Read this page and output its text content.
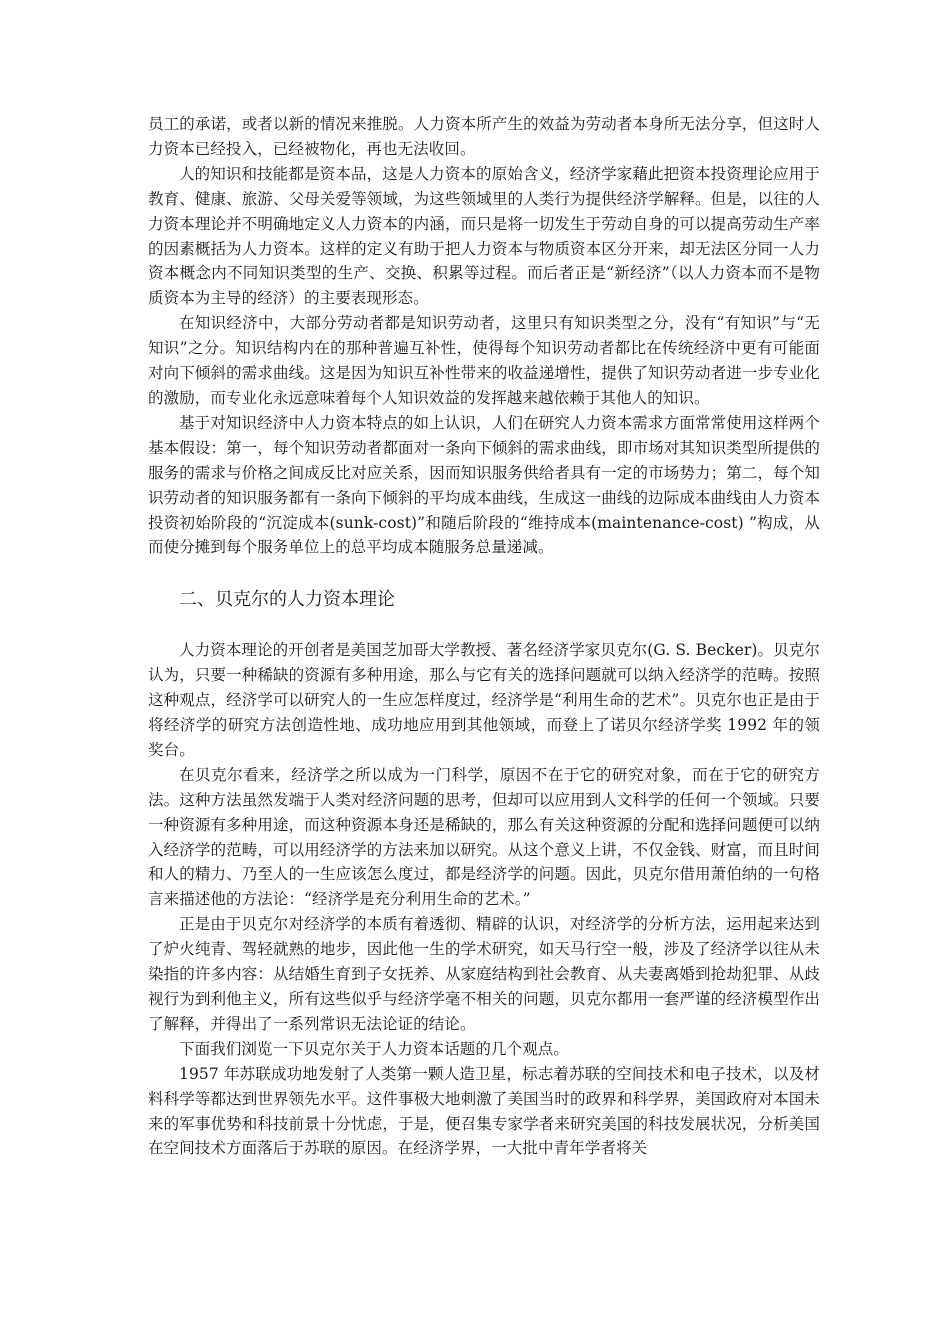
员工的承诺，或者以新的情况来推脱。人力资本所产生的效益为劳动者本身所无法分享，但这时人力资本已经投入，已经被物化，再也无法收回。

人的知识和技能都是资本品，这是人力资本的原始含义，经济学家藉此把资本投资理论应用于教育、健康、旅游、父母关爱等领域，为这些领域里的人类行为提供经济学解释。但是，以往的人力资本理论并不明确地定义人力资本的内涵，而只是将一切发生于劳动自身的可以提高劳动生产率的因素概括为人力资本。这样的定义有助于把人力资本与物质资本区分开来，却无法区分同一人力资本概念内不同知识类型的生产、交换、积累等过程。而后者正是“新经济”（以人力资本而不是物质资本为主导的经济）的主要表现形态。

在知识经济中，大部分劳动者都是知识劳动者，这里只有知识类型之分，没有“有知识”与“无知识”之分。知识结构内在的那种普遍互补性，使得每个知识劳动者都比在传统经济中更有可能面对向下倾斜的需求曲线。这是因为知识互补性带来的收益递增性，提供了知识劳动者进一步专业化的激励，而专业化永远意味着每个人知识效益的发挥越来越依赖于其他人的知识。

基于对知识经济中人力资本特点的如上认识，人们在研究人力资本需求方面常常使用这样两个基本假设：第一，每个知识劳动者都面对一条向下倾斜的需求曲线，即市场对其知识类型所提供的服务的需求与价格之间成反比对应关系，因而知识服务供给者具有一定的市场势力；第二，每个知识劳动者的知识服务都有一条向下倾斜的平均成本曲线，生成这一曲线的边际成本曲线由人力资本投资初始阶段的“沉淀成本(sunk-cost)”和随后阶段的“维持成本(maintenance-cost) ”构成，从而使分摊到每个服务单位上的总平均成本随服务总量递减。

二、贝克尔的人力资本理论

人力资本理论的开创者是美国芝加哥大学教授、著名经济学家贝克尔(G. S. Becker)。贝克尔认为，只要一种稀缺的资源有多种用途，那么与它有关的选择问题就可以纳入经济学的范畴。按照这种观点，经济学可以研究人的一生应怎样度过，经济学是“利用生命的艺术”。贝克尔也正是由于将经济学的研究方法创造性地、成功地应用到其他领域，而登上了诺贝尔经济学奖 1992 年的领奖台。

在贝克尔看来，经济学之所以成为一门科学，原因不在于它的研究对象，而在于它的研究方法。这种方法虽然发端于人类对经济问题的思考，但却可以应用到人文科学的任何一个领域。只要一种资源有多种用途，而这种资源本身还是稀缺的，那么有关这种资源的分配和选择问题便可以纳入经济学的范畴，可以用经济学的方法来加以研究。从这个意义上讲，不仅金钱、财富，而且时间和人的精力、乃至人的一生应该怎么度过，都是经济学的问题。因此，贝克尔借用萧伯纳的一句格言来描述他的方法论：“经济学是充分利用生命的艺术。”

正是由于贝克尔对经济学的本质有着透彻、精辟的认识，对经济学的分析方法，运用起来达到了炉火纯青、驾轻就熟的地步，因此他一生的学术研究，如天马行空一般，涉及了经济学以往从未染指的许多内容：从结婚生育到子女抚养、从家庭结构到社会教育、从夫妻离婚到抢劫犯罪、从歧视行为到利他主义，所有这些似乎与经济学毫不相关的问题，贝克尔都用一套严谨的经济模型作出了解释，并得出了一系列常识无法论证的结论。

下面我们浏览一下贝克尔关于人力资本话题的几个观点。

1957 年苏联成功地发射了人类第一颗人造卫星，标志着苏联的空间技术和电子技术，以及材料科学等都达到世界领先水平。这件事极大地刺激了美国当时的政界和科学界，美国政府对本国未来的军事优势和科技前景十分忧虑，于是，便召集专家学者来研究美国的科技发展状况，分析美国在空间技术方面落后于苏联的原因。在经济学界，一大批中青年学者将关
